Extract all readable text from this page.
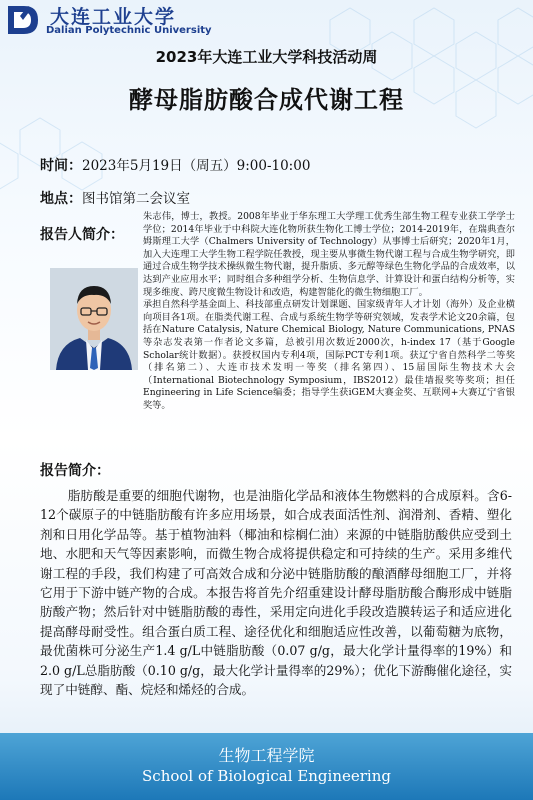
大连工业大学
Dalian Polytechnic University
2023年大连工业大学科技活动周
酵母脂肪酸合成代谢工程
时间：2023年5月19日（周五）9:00-10:00
地点：图书馆第二会议室
报告人简介：

朱志伟，博士，教授。2008年毕业于华东理工大学理工优秀生部生物工程专业获工学学士学位；2014年毕业于中科院大连化物所获生物化工博士学位；2014-2019年，在瑞典查尔姆斯理工大学（Chalmers University of Technology）从事博士后研究；2020年1月，加入大连理工大学生物工程学院任教授，现主要从事微生物代谢工程与合成生物学研究，即通过合成生物学技术操纵微生物代谢，提升脂质、多元醇等绿色生物化学品的合成效率，以达到产业应用水平；同时组合多种组学分析、生物信息学、计算设计和蛋白结构分析等，实现多维度、跨尺度微生物设计和改造，构建智能化的微生物细胞工厂。

承担自然科学基金面上、科技部重点研发计划课题、国家级青年人才计划（海外）及企业横向项目各1项。在脂类代谢工程、合成与系统生物学等研究领域，发表学术论文20余篇，包括在Nature Catalysis, Nature Chemical Biology, Nature Communications, PNAS等杂志发表第一作者论文多篇，总被引用次数近2000次，h-index 17（基于Google Scholar统计数据）。获授权国内专利4项，国际PCT专利1项。获辽宁省自然科学二等奖（排名第二）、大连市技术发明一等奖（排名第四）、15届国际生物技术大会（International Biotechnology Symposium，IBS2012）最佳墙报奖等奖项；担任Engineering in Life Science编委；指导学生获iGEM大赛金奖、互联网+大赛辽宁省银奖等。

报告简介：

脂肪酸是重要的细胞代谢物，也是油脂化学品和液体生物燃料的合成原料。含6-12个碳原子的中链脂肪酸有许多应用场景，如合成表面活性剂、润滑剂、香精、塑化剂和日用化学品等。基于植物油料（椰油和棕榈仁油）来源的中链脂肪酸供应受到土地、水肥和天气等因素影响，而微生物合成将提供稳定和可持续的生产。采用多维代谢工程的手段，我们构建了可高效合成和分泌中链脂肪酸的酿酒酵母细胞工厂，并将它用于下游中链产物的合成。本报告将首先介绍重建设计酵母脂肪酸合酶形成中链脂肪酸产物；然后针对中链脂肪酸的毒性，采用定向进化手段改造膜转运子和适应进化提高酵母耐受性。组合蛋白质工程、途径优化和细胞适应性改善，以葡萄糖为底物，最优菌株可分泌生产1.4 g/L中链脂肪酸（0.07 g/g，最大化学计量得率的19%）和2.0 g/L总脂肪酸（0.10 g/g，最大化学计量得率的29%）；优化下游酶催化途径，实现了中链醇、酯、烷烃和烯烃的合成。

生物工程学院
School of Biological Engineering
